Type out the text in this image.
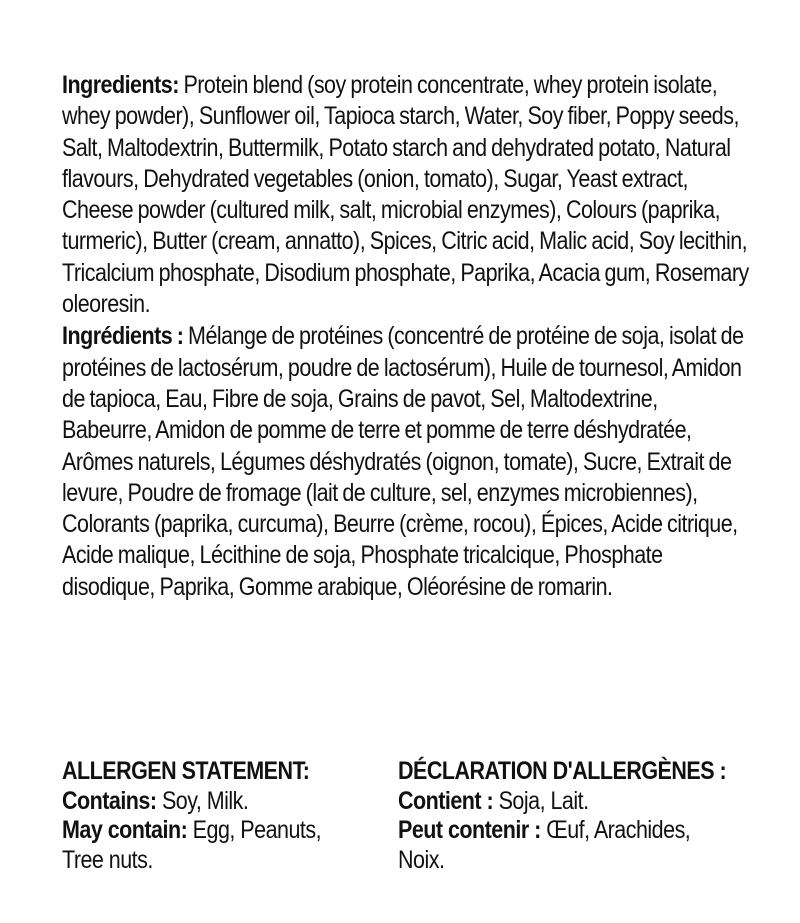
Ingredients: Protein blend (soy protein concentrate, whey protein isolate, whey powder), Sunflower oil, Tapioca starch, Water, Soy fiber, Poppy seeds, Salt, Maltodextrin, Buttermilk, Potato starch and dehydrated potato, Natural flavours, Dehydrated vegetables (onion, tomato), Sugar, Yeast extract, Cheese powder (cultured milk, salt, microbial enzymes), Colours (paprika, turmeric), Butter (cream, annatto), Spices, Citric acid, Malic acid, Soy lecithin, Tricalcium phosphate, Disodium phosphate, Paprika, Acacia gum, Rosemary oleoresin.

Ingrédients : Mélange de protéines (concentré de protéine de soja, isolat de protéines de lactosérum, poudre de lactosérum), Huile de tournesol, Amidon de tapioca, Eau, Fibre de soja, Grains de pavot, Sel, Maltodextrine, Babeurre, Amidon de pomme de terre et pomme de terre déshydratée, Arômes naturels, Légumes déshydratés (oignon, tomate), Sucre, Extrait de levure, Poudre de fromage (lait de culture, sel, enzymes microbiennes), Colorants (paprika, curcuma), Beurre (crème, rocou), Épices, Acide citrique, Acide malique, Lécithine de soja, Phosphate tricalcique, Phosphate disodique, Paprika, Gomme arabique, Oléorésine de romarin.

ALLERGEN STATEMENT:
Contains: Soy, Milk.
May contain: Egg, Peanuts, Tree nuts.
DÉCLARATION D'ALLERGÈNES :
Contient : Soja, Lait.
Peut contenir : Œuf, Arachides, Noix.
